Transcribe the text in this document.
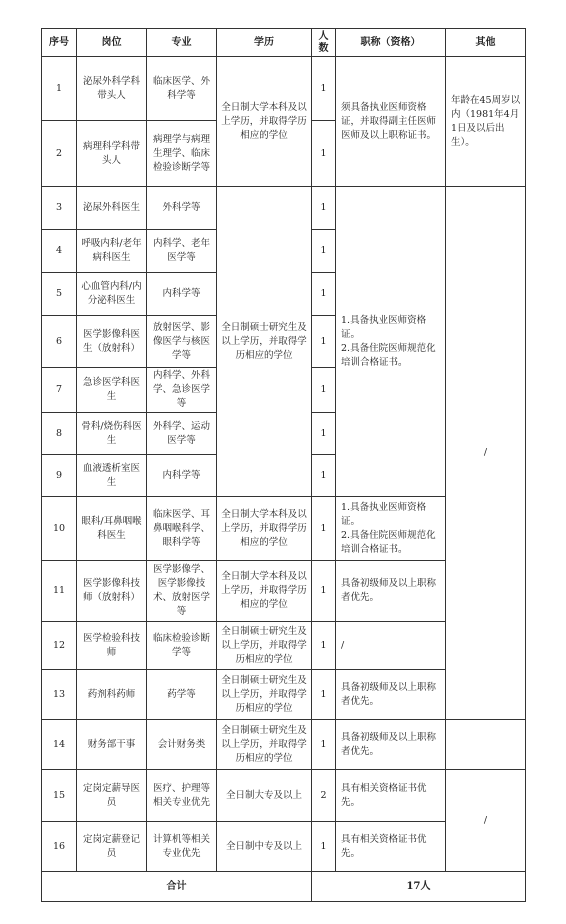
序号	岗位	专业	学历	人数	职称（资格）	其他	
1	泌尿外科学科带头人	临床医学、外科学等	全日制大学本科及以上学历，并取得学历相应的学位	1	须具备执业医师资格证，并取得副主任医师医师及以上职称证书。	年龄在45周岁以内（1981年4月1日及以后出生）。	
2	病理科学科带头人	病理学与病理生理学、临床检验诊断学等		1			
3	泌尿外科医生	外科学等	全日制硕士研究生及以上学历，并取得学历相应的学位	1	1.具备执业医师资格证。
2.具备住院医师规范化培训合格证书。	/	
4	呼吸内科/老年病科医生	内科学、老年医学等		1			
5	心血管内科/内分泌科医生	内科学等		1			
6	医学影像科医生（放射科）	放射医学、影像医学与核医学等		1			
7	急诊医学科医生	内科学、外科学、急诊医学等		1			
8	骨科/烧伤科医生	外科学、运动医学等		1			
9	血液透析室医生	内科学等		1			
10	眼科/耳鼻咽喉科医生	临床医学、耳鼻咽喉科学、眼科学等	全日制大学本科及以上学历，并取得学历相应的学位	1	1.具备执业医师资格证。
2.具备住院医师规范化培训合格证书。		
11	医学影像科技师（放射科）	医学影像学、医学影像技术、放射医学等	全日制大学本科及以上学历，并取得学历相应的学位	1	具备初级师及以上职称者优先。		
12	医学检验科技师	临床检验诊断学等	全日制硕士研究生及以上学历，并取得学历相应的学位	1	/		
13	药剂科药师	药学等	全日制硕士研究生及以上学历，并取得学历相应的学位	1	具备初级师及以上职称者优先。		
14	财务部干事	会计财务类	全日制硕士研究生及以上学历，并取得学历相应的学位	1	具备初级师及以上职称者优先。		
15	定岗定薪导医员	医疗、护理等相关专业优先	全日制大专及以上	2	具有相关资格证书优先。	/	
16	定岗定薪登记员	计算机等相关专业优先	全日制中专及以上	1	具有相关资格证书优先。		
合计				17人			
